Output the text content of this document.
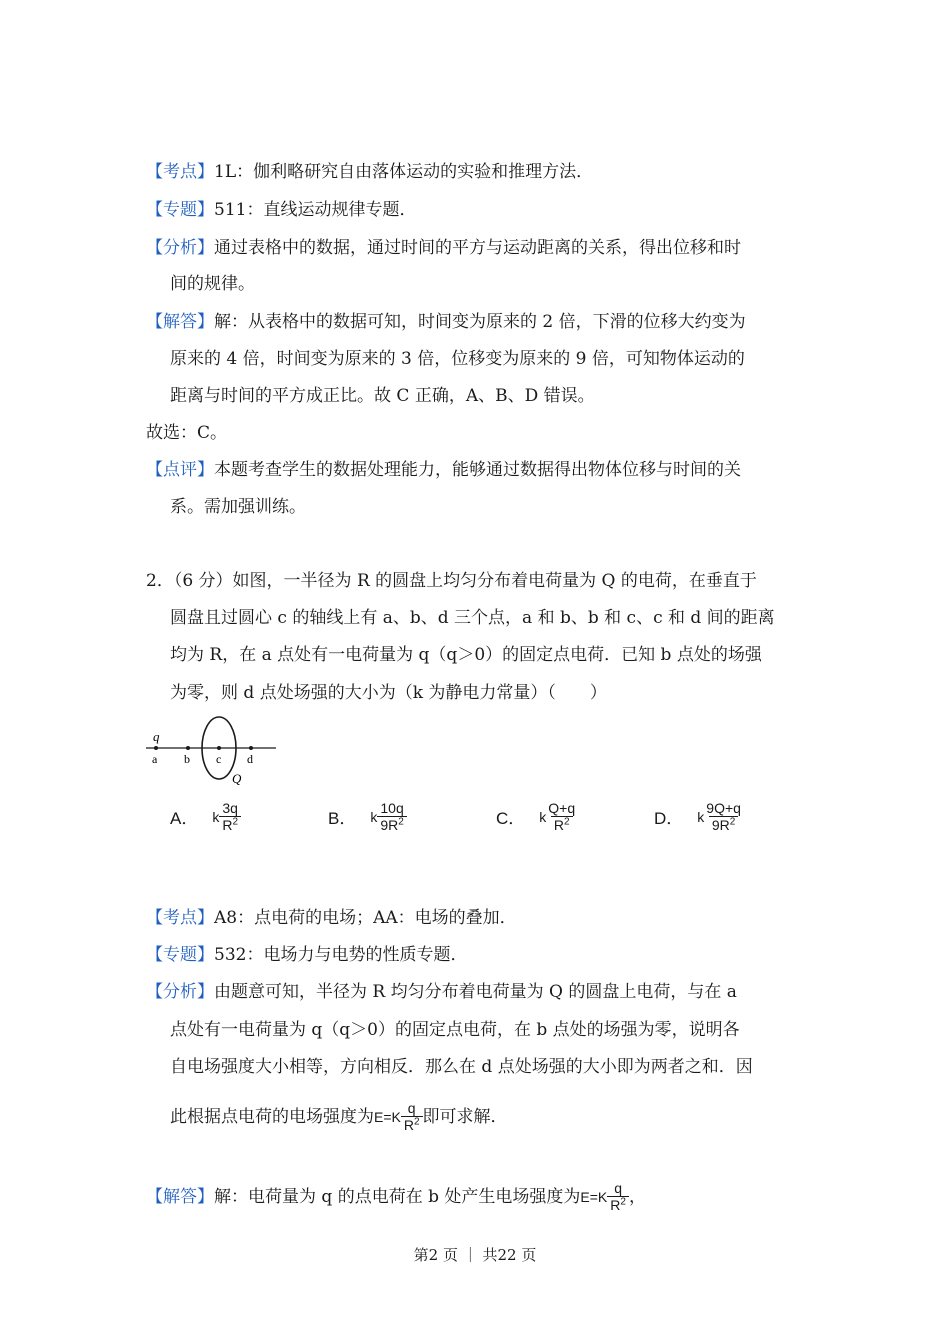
【考点】1L：伽利略研究自由落体运动的实验和推理方法．
【专题】511：直线运动规律专题．
【分析】通过表格中的数据，通过时间的平方与运动距离的关系，得出位移和时
间的规律。
【解答】解：从表格中的数据可知，时间变为原来的 2 倍，下滑的位移大约变为
原来的 4 倍，时间变为原来的 3 倍，位移变为原来的 9 倍，可知物体运动的
距离与时间的平方成正比。故 C 正确，A、B、D 错误。
故选：C。
【点评】本题考查学生的数据处理能力，能够通过数据得出物体位移与时间的关
系。需加强训练。
2．（6 分）如图，一半径为 R 的圆盘上均匀分布着电荷量为 Q 的电荷，在垂直于
圆盘且过圆心 c 的轴线上有 a、b、d 三个点，a 和 b、b 和 c、c 和 d 间的距离
均为 R，在 a 点处有一电荷量为 q（q＞0）的固定点电荷．已知 b 点处的场强
为零，则 d 点处场强的大小为（k 为静电力常量）（　　）
q
a b c d
Q
A． k $\frac{3q}{R^2}$	B． k $\frac{10q}{9R^2}$	C． k $\frac{Q+q}{R^2}$	D． k $\frac{9Q+q}{9R^2}$
【考点】A8：点电荷的电场；AA：电场的叠加．
【专题】532：电场力与电势的性质专题．
【分析】由题意可知，半径为 R 均匀分布着电荷量为 Q 的圆盘上电荷，与在 a
点处有一电荷量为 q（q＞0）的固定点电荷，在 b 点处的场强为零，说明各
自电场强度大小相等，方向相反．那么在 d 点处场强的大小即为两者之和．因
此根据点电荷的电场强度为 $E=K \frac{q}{R^2}$ 即可求解．
【解答】 解：电荷量为 q 的点电荷在 b 处产生电场强度为 $E=K \frac{q}{R^2}$ ，
第2 页 ｜ 共22 页
